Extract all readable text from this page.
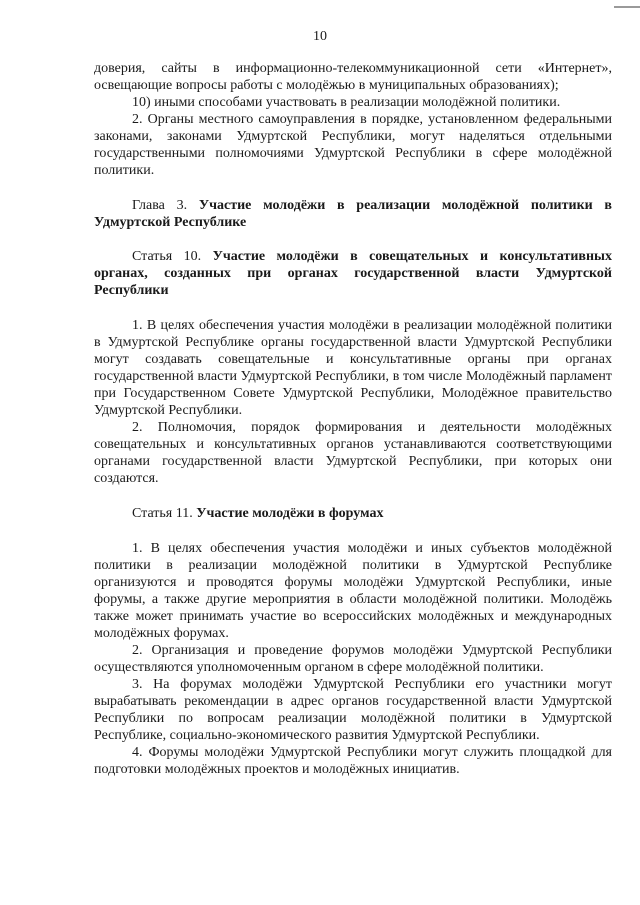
10

доверия, сайты в информационно-телекоммуникационной сети «Интернет», освещающие вопросы работы с молодёжью в муниципальных образованиях);

10) иными способами участвовать в реализации молодёжной политики.

2. Органы местного самоуправления в порядке, установленном федеральными законами, законами Удмуртской Республики, могут наделяться отдельными государственными полномочиями Удмуртской Республики в сфере молодёжной политики.

Глава 3. Участие молодёжи в реализации молодёжной политики в Удмуртской Республике

Статья 10. Участие молодёжи в совещательных и консультативных органах, созданных при органах государственной власти Удмуртской Республики

1. В целях обеспечения участия молодёжи в реализации молодёжной политики в Удмуртской Республике органы государственной власти Удмуртской Республики могут создавать совещательные и консультативные органы при органах государственной власти Удмуртской Республики, в том числе Молодёжный парламент при Государственном Совете Удмуртской Республики, Молодёжное правительство Удмуртской Республики.

2. Полномочия, порядок формирования и деятельности молодёжных совещательных и консультативных органов устанавливаются соответствующими органами государственной власти Удмуртской Республики, при которых они создаются.

Статья 11. Участие молодёжи в форумах

1. В целях обеспечения участия молодёжи и иных субъектов молодёжной политики в реализации молодёжной политики в Удмуртской Республике организуются и проводятся форумы молодёжи Удмуртской Республики, иные форумы, а также другие мероприятия в области молодёжной политики. Молодёжь также может принимать участие во всероссийских молодёжных и международных молодёжных форумах.

2. Организация и проведение форумов молодёжи Удмуртской Республики осуществляются уполномоченным органом в сфере молодёжной политики.

3. На форумах молодёжи Удмуртской Республики его участники могут вырабатывать рекомендации в адрес органов государственной власти Удмуртской Республики по вопросам реализации молодёжной политики в Удмуртской Республике, социально-экономического развития Удмуртской Республики.

4. Форумы молодёжи Удмуртской Республики могут служить площадкой для подготовки молодёжных проектов и молодёжных инициатив.
